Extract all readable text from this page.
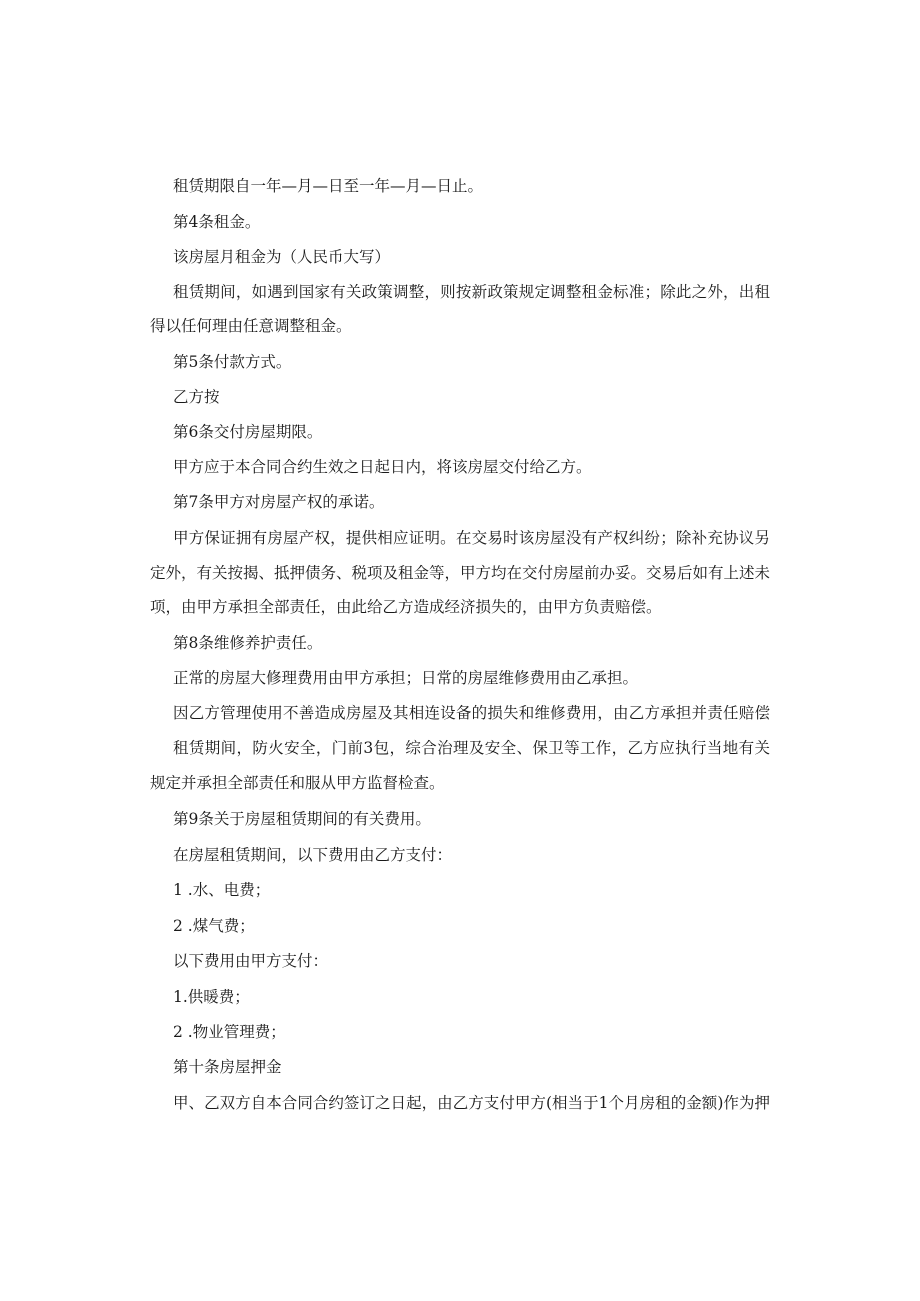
租赁期限自一年—月—日至一年—月—日止。
第4条租金。
该房屋月租金为（人民币大写）
租赁期间，如遇到国家有关政策调整，则按新政策规定调整租金标准；除此之外，出租
得以任何理由任意调整租金。
第5条付款方式。
乙方按
第6条交付房屋期限。
甲方应于本合同合约生效之日起日内，将该房屋交付给乙方。
第7条甲方对房屋产权的承诺。
甲方保证拥有房屋产权，提供相应证明。在交易时该房屋没有产权纠纷；除补充协议另
定外，有关按揭、抵押债务、税项及租金等，甲方均在交付房屋前办妥。交易后如有上述未
项，由甲方承担全部责任，由此给乙方造成经济损失的，由甲方负责赔偿。
第8条维修养护责任。
正常的房屋大修理费用由甲方承担；日常的房屋维修费用由乙承担。
因乙方管理使用不善造成房屋及其相连设备的损失和维修费用，由乙方承担并责任赔偿
租赁期间，防火安全，门前3包，综合治理及安全、保卫等工作，乙方应执行当地有关
规定并承担全部责任和服从甲方监督检查。
第9条关于房屋租赁期间的有关费用。
在房屋租赁期间，以下费用由乙方支付：
1 .水、电费；
2 .煤气费；
以下费用由甲方支付：
1.供暖费；
2 .物业管理费；
第十条房屋押金
甲、乙双方自本合同合约签订之日起，由乙方支付甲方(相当于1个月房租的金额)作为押
